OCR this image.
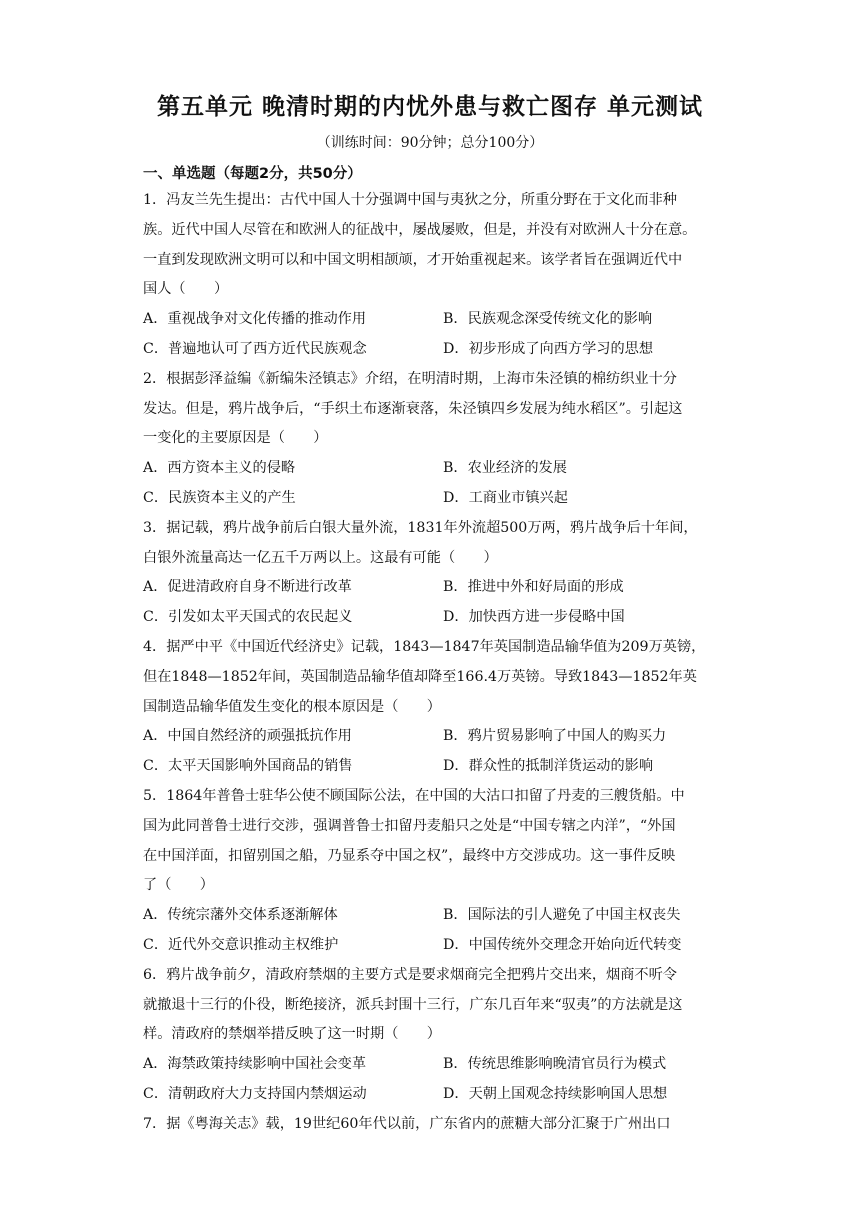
第五单元 晚清时期的内忧外患与救亡图存 单元测试
（训练时间：90分钟；总分100分）
一、单选题（每题2分，共50分）
1．冯友兰先生提出：古代中国人十分强调中国与夷狄之分，所重分野在于文化而非种
族。近代中国人尽管在和欧洲人的征战中，屡战屡败，但是，并没有对欧洲人十分在意。
一直到发现欧洲文明可以和中国文明相颉颃，才开始重视起来。该学者旨在强调近代中
国人（　　）
A．重视战争对文化传播的推动作用	B．民族观念深受传统文化的影响
C．普遍地认可了西方近代民族观念	D．初步形成了向西方学习的思想
2．根据彭泽益编《新编朱泾镇志》介绍，在明清时期，上海市朱泾镇的棉纺织业十分
发达。但是，鸦片战争后，“手织土布逐渐衰落，朱泾镇四乡发展为纯水稻区”。引起这
一变化的主要原因是（　　）
A．西方资本主义的侵略	B．农业经济的发展
C．民族资本主义的产生	D．工商业市镇兴起
3．据记载，鸦片战争前后白银大量外流，1831年外流超500万两，鸦片战争后十年间，
白银外流量高达一亿五千万两以上。这最有可能（　　）
A．促进清政府自身不断进行改革	B．推进中外和好局面的形成
C．引发如太平天国式的农民起义	D．加快西方进一步侵略中国
4．据严中平《中国近代经济史》记载，1843—1847年英国制造品输华值为209万英镑，
但在1848—1852年间，英国制造品输华值却降至166.4万英镑。导致1843—1852年英
国制造品输华值发生变化的根本原因是（　　）
A．中国自然经济的顽强抵抗作用	B．鸦片贸易影响了中国人的购买力
C．太平天国影响外国商品的销售	D．群众性的抵制洋货运动的影响
5．1864年普鲁士驻华公使不顾国际公法，在中国的大沽口扣留了丹麦的三艘货船。中
国为此同普鲁士进行交涉，强调普鲁士扣留丹麦船只之处是“中国专辖之内洋”，“外国
在中国洋面，扣留别国之船，乃显系夺中国之权”，最终中方交涉成功。这一事件反映
了（　　）
A．传统宗藩外交体系逐渐解体	B．国际法的引人避免了中国主权丧失
C．近代外交意识推动主权维护	D．中国传统外交理念开始向近代转变
6．鸦片战争前夕，清政府禁烟的主要方式是要求烟商完全把鸦片交出来，烟商不听令
就撤退十三行的仆役，断绝接济，派兵封围十三行，广东几百年来“驭夷”的方法就是这
样。清政府的禁烟举措反映了这一时期（　　）
A．海禁政策持续影响中国社会变革	B．传统思维影响晚清官员行为模式
C．清朝政府大力支持国内禁烟运动	D．天朝上国观念持续影响国人思想
7．据《粤海关志》载，19世纪60年代以前，广东省内的蔗糖大部分汇聚于广州出口
